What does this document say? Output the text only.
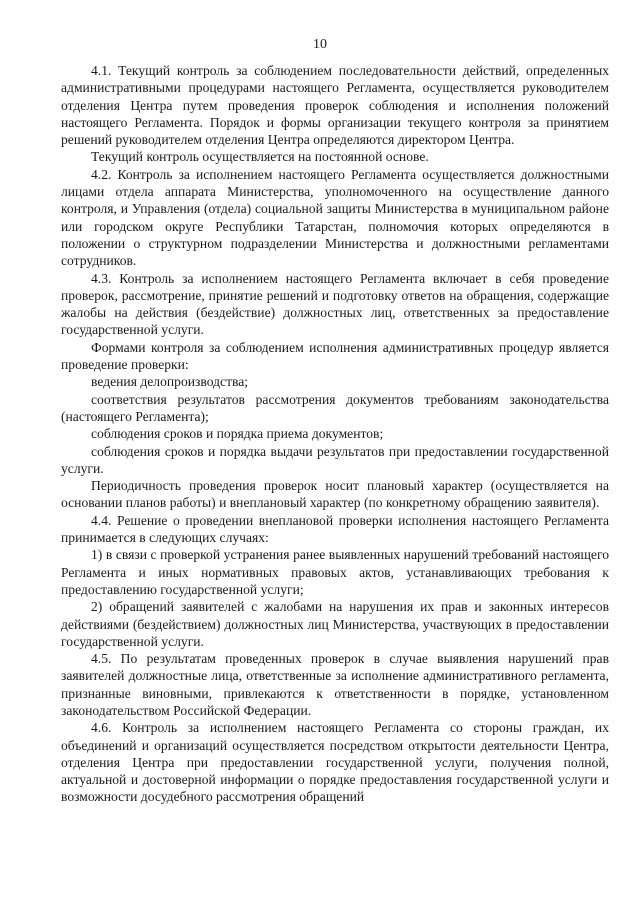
10

4.1. Текущий контроль за соблюдением последовательности действий, определенных административными процедурами настоящего Регламента, осуществляется руководителем отделения Центра путем проведения проверок соблюдения и исполнения положений настоящего Регламента. Порядок и формы организации текущего контроля за принятием решений руководителем отделения Центра определяются директором Центра.

Текущий контроль осуществляется на постоянной основе.

4.2. Контроль за исполнением настоящего Регламента осуществляется должностными лицами отдела аппарата Министерства, уполномоченного на осуществление данного контроля, и Управления (отдела) социальной защиты Министерства в муниципальном районе или городском округе Республики Татарстан, полномочия которых определяются в положении о структурном подразделении Министерства и должностными регламентами сотрудников.

4.3. Контроль за исполнением настоящего Регламента включает в себя проведение проверок, рассмотрение, принятие решений и подготовку ответов на обращения, содержащие жалобы на действия (бездействие) должностных лиц, ответственных за предоставление государственной услуги.

Формами контроля за соблюдением исполнения административных процедур является проведение проверки:

ведения делопроизводства;

соответствия результатов рассмотрения документов требованиям законодательства (настоящего Регламента);

соблюдения сроков и порядка приема документов;

соблюдения сроков и порядка выдачи результатов при предоставлении государственной услуги.

Периодичность проведения проверок носит плановый характер (осуществляется на основании планов работы) и внеплановый характер (по конкретному обращению заявителя).

4.4. Решение о проведении внеплановой проверки исполнения настоящего Регламента принимается в следующих случаях:

1) в связи с проверкой устранения ранее выявленных нарушений требований настоящего Регламента и иных нормативных правовых актов, устанавливающих требования к предоставлению государственной услуги;

2) обращений заявителей с жалобами на нарушения их прав и законных интересов действиями (бездействием) должностных лиц Министерства, участвующих в предоставлении государственной услуги.

4.5. По результатам проведенных проверок в случае выявления нарушений прав заявителей должностные лица, ответственные за исполнение административного регламента, признанные виновными, привлекаются к ответственности в порядке, установленном законодательством Российской Федерации.

4.6. Контроль за исполнением настоящего Регламента со стороны граждан, их объединений и организаций осуществляется посредством открытости деятельности Центра, отделения Центра при предоставлении государственной услуги, получения полной, актуальной и достоверной информации о порядке предоставления государственной услуги и возможности досудебного рассмотрения обращений
